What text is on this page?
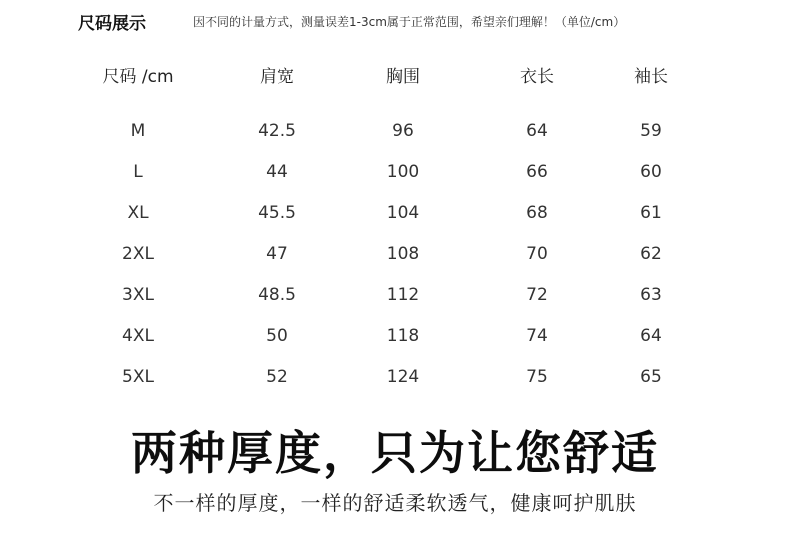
尺码展示	因不同的计量方式，测量误差1-3cm属于正常范围，希望亲们理解！（单位/cm）
尺码 /cm	肩宽	胸围	衣长	袖长
M	42.5	96	64	59
L	44	100	66	60
XL	45.5	104	68	61
2XL	47	108	70	62
3XL	48.5	112	72	63
4XL	50	118	74	64
5XL	52	124	75	65
两种厚度，只为让您舒适
不一样的厚度，一样的舒适柔软透气，健康呵护肌肤
